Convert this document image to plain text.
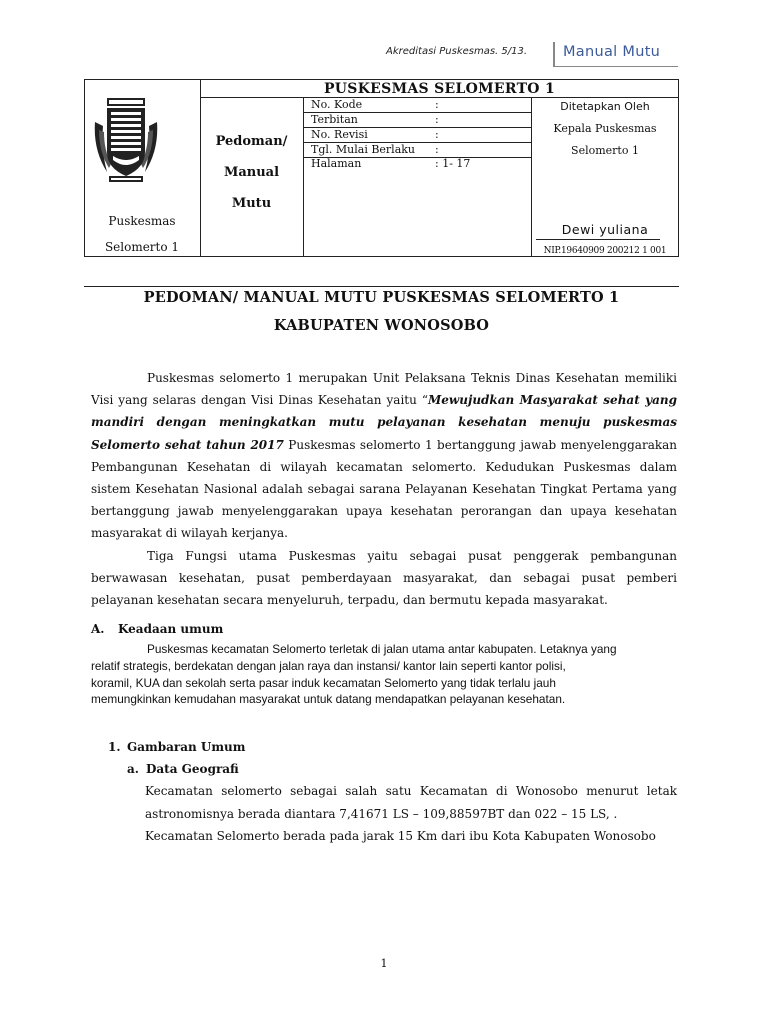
Akreditasi Puskesmas. 5/13. Manual Mutu
PUSKESMAS SELOMERTO 1
Puskesmas
Selomerto 1
Pedoman/
Manual
Mutu
No. Kode	:
Terbitan	:
No. Revisi	:
Tgl. Mulai Berlaku :
Halaman	: 1- 17
Ditetapkan Oleh
Kepala Puskesmas
Selomerto 1
Dewi yuliana
NIP.19640909 200212 1 001
PEDOMAN/ MANUAL MUTU PUSKESMAS SELOMERTO 1
KABUPATEN WONOSOBO

Puskesmas selomerto 1 merupakan Unit Pelaksana Teknis Dinas Kesehatan memiliki Visi yang selaras dengan Visi Dinas Kesehatan yaitu “Mewujudkan Masyarakat sehat yang mandiri dengan meningkatkan mutu pelayanan kesehatan menuju puskesmas Selomerto sehat tahun 2017 Puskesmas selomerto 1 bertanggung jawab menyelenggarakan Pembangunan Kesehatan di wilayah kecamatan selomerto. Kedudukan Puskesmas dalam sistem Kesehatan Nasional adalah sebagai sarana Pelayanan Kesehatan Tingkat Pertama yang bertanggung jawab menyelenggarakan upaya kesehatan perorangan dan upaya kesehatan masyarakat di wilayah kerjanya.

Tiga Fungsi utama Puskesmas yaitu sebagai pusat penggerak pembangunan berwawasan kesehatan, pusat pemberdayaan masyarakat, dan sebagai pusat pemberi pelayanan kesehatan secara menyeluruh, terpadu, dan bermutu kepada masyarakat.

A. Keadaan umum
Puskesmas kecamatan Selomerto terletak di jalan utama antar kabupaten. Letaknya yang
relatif strategis, berdekatan dengan jalan raya dan instansi/ kantor lain seperti kantor polisi,
koramil, KUA dan sekolah serta pasar induk kecamatan Selomerto yang tidak terlalu jauh
memungkinkan kemudahan masyarakat untuk datang mendapatkan pelayanan kesehatan.
1. Gambaran Umum
a. Data Geografi
Kecamatan selomerto sebagai salah satu Kecamatan di Wonosobo menurut letak astronomisnya berada diantara 7,41671 LS – 109,88597BT dan 022 – 15 LS, .
Kecamatan Selomerto berada pada jarak 15 Km dari ibu Kota Kabupaten Wonosobo
1
